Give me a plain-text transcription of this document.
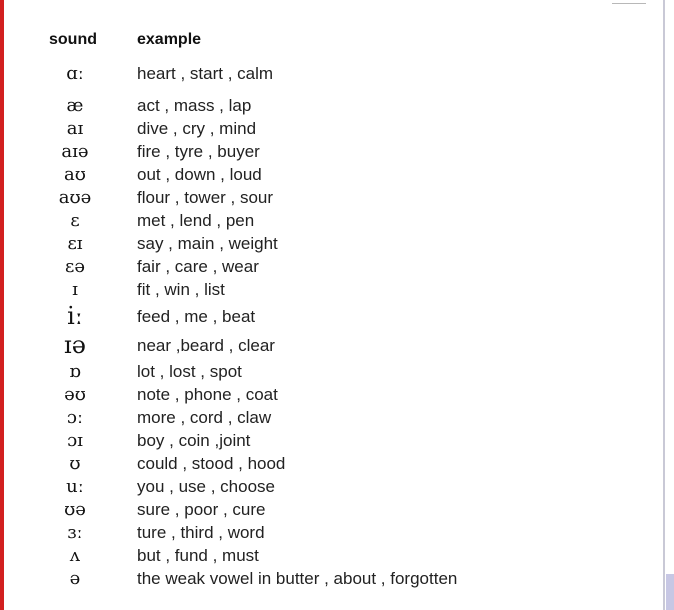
sound	example
ɑː	heart , start , calm
æ	act , mass , lap
aɪ	dive , cry , mind
aɪə	fire , tyre , buyer
aʊ	out , down , loud
aʊə	flour , tower , sour
ɛ	met , lend , pen
ɛɪ	say , main , weight
ɛə	fair , care , wear
ɪ	fit , win , list
iː	feed , me , beat
ɪə	near ,beard , clear
ɒ	lot , lost , spot
əʊ	note , phone , coat
ɔː	more , cord , claw
ɔɪ	boy , coin ,joint
ʊ	could , stood , hood
uː	you , use , choose
ʊə	sure , poor , cure
ɜː	ture , third , word
ʌ	but , fund , must
ə	the weak vowel in butter , about , forgotten
